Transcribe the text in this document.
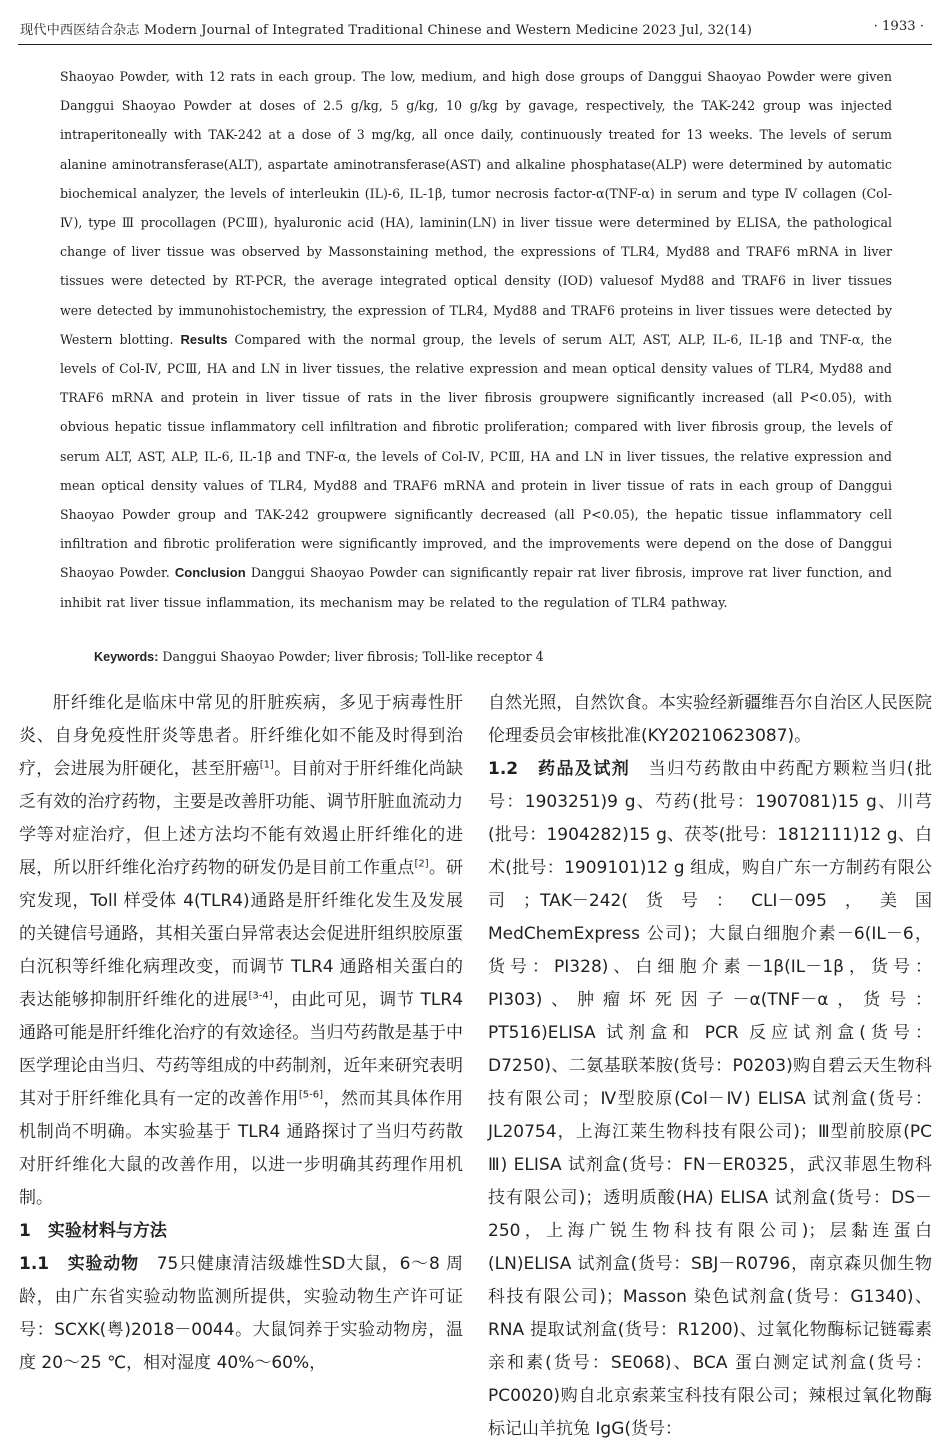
现代中西医结合杂志 Modern Journal of Integrated Traditional Chinese and Western Medicine 2023 Jul, 32(14)	· 1933 ·

Shaoyao Powder, with 12 rats in each group. The low, medium, and high dose groups of Danggui Shaoyao Powder were given Danggui Shaoyao Powder at doses of 2.5 g/kg, 5 g/kg, 10 g/kg by gavage, respectively, the TAK-242 group was injected intraperitoneally with TAK-242 at a dose of 3 mg/kg, all once daily, continuously treated for 13 weeks. The levels of serum alanine aminotransferase(ALT), aspartate aminotransferase(AST) and alkaline phosphatase(ALP) were determined by automatic biochemical analyzer, the levels of interleukin (IL)-6, IL-1β, tumor necrosis factor-α(TNF-α) in serum and type Ⅳ collagen (Col-Ⅳ), type Ⅲ procollagen (PCⅢ), hyaluronic acid (HA), laminin(LN) in liver tissue were determined by ELISA, the pathological change of liver tissue was observed by Massonstaining method, the expressions of TLR4, Myd88 and TRAF6 mRNA in liver tissues were detected by RT-PCR, the average integrated optical density (IOD) valuesof Myd88 and TRAF6 in liver tissues were detected by immunohistochemistry, the expression of TLR4, Myd88 and TRAF6 proteins in liver tissues were detected by Western blotting. Results Compared with the normal group, the levels of serum ALT, AST, ALP, IL-6, IL-1β and TNF-α, the levels of Col-Ⅳ, PCⅢ, HA and LN in liver tissues, the relative expression and mean optical density values of TLR4, Myd88 and TRAF6 mRNA and protein in liver tissue of rats in the liver fibrosis groupwere significantly increased (all P<0.05), with obvious hepatic tissue inflammatory cell infiltration and fibrotic proliferation; compared with liver fibrosis group, the levels of serum ALT, AST, ALP, IL-6, IL-1β and TNF-α, the levels of Col-Ⅳ, PCⅢ, HA and LN in liver tissues, the relative expression and mean optical density values of TLR4, Myd88 and TRAF6 mRNA and protein in liver tissue of rats in each group of Danggui Shaoyao Powder group and TAK-242 groupwere significantly decreased (all P<0.05), the hepatic tissue inflammatory cell infiltration and fibrotic proliferation were significantly improved, and the improvements were depend on the dose of Danggui Shaoyao Powder. Conclusion Danggui Shaoyao Powder can significantly repair rat liver fibrosis, improve rat liver function, and inhibit rat liver tissue inflammation, its mechanism may be related to the regulation of TLR4 pathway.

Keywords: Danggui Shaoyao Powder; liver fibrosis; Toll-like receptor 4

肝纤维化是临床中常见的肝脏疾病，多见于病毒性肝炎、自身免疫性肝炎等患者。肝纤维化如不能及时得到治疗，会进展为肝硬化，甚至肝癌[1]。目前对于肝纤维化尚缺乏有效的治疗药物，主要是改善肝功能、调节肝脏血流动力学等对症治疗，但上述方法均不能有效遏止肝纤维化的进展，所以肝纤维化治疗药物的研发仍是目前工作重点[2]。研究发现，Toll 样受体 4(TLR4)通路是肝纤维化发生及发展的关键信号通路，其相关蛋白异常表达会促进肝组织胶原蛋白沉积等纤维化病理改变，而调节 TLR4 通路相关蛋白的表达能够抑制肝纤维化的进展[3-4]，由此可见，调节 TLR4 通路可能是肝纤维化治疗的有效途径。当归芍药散是基于中医学理论由当归、芍药等组成的中药制剂，近年来研究表明其对于肝纤维化具有一定的改善作用[5-6]，然而其具体作用机制尚不明确。本实验基于 TLR4 通路探讨了当归芍药散对肝纤维化大鼠的改善作用，以进一步明确其药理作用机制。

1　实验材料与方法

1.1　实验动物　75只健康清洁级雄性SD大鼠，6～8 周龄，由广东省实验动物监测所提供，实验动物生产许可证号：SCXK(粤)2018－0044。大鼠饲养于实验动物房，温度 20～25 ℃，相对湿度 40%～60%，

自然光照，自然饮食。本实验经新疆维吾尔自治区人民医院伦理委员会审核批准(KY20210623087)。

1.2　药品及试剂　当归芍药散由中药配方颗粒当归(批号：1903251)9 g、芍药(批号：1907081)15 g、川芎(批号：1904282)15 g、茯苓(批号：1812111)12 g、白术(批号：1909101)12 g 组成，购自广东一方制药有限公司；TAK－242(货号：CLI－095，美国 MedChemExpress 公司)；大鼠白细胞介素－6(IL－6，货号：PI328)、白细胞介素－1β(IL－1β，货号：PI303)、肿瘤坏死因子－α(TNF－α，货号：PT516)ELISA 试剂盒和 PCR 反应试剂盒(货号：D7250)、二氨基联苯胺(货号：P0203)购自碧云天生物科技有限公司；Ⅳ型胶原(Col－Ⅳ) ELISA 试剂盒(货号：JL20754，上海江莱生物科技有限公司)；Ⅲ型前胶原(PC Ⅲ) ELISA 试剂盒(货号：FN－ER0325，武汉菲恩生物科技有限公司)；透明质酸(HA) ELISA 试剂盒(货号：DS－250，上海广锐生物科技有限公司)；层黏连蛋白(LN)ELISA 试剂盒(货号：SBJ－R0796，南京森贝伽生物科技有限公司)；Masson 染色试剂盒(货号：G1340)、RNA 提取试剂盒(货号：R1200)、过氧化物酶标记链霉素亲和素(货号：SE068)、BCA 蛋白测定试剂盒(货号：PC0020)购自北京索莱宝科技有限公司；辣根过氧化物酶标记山羊抗兔 IgG(货号：
